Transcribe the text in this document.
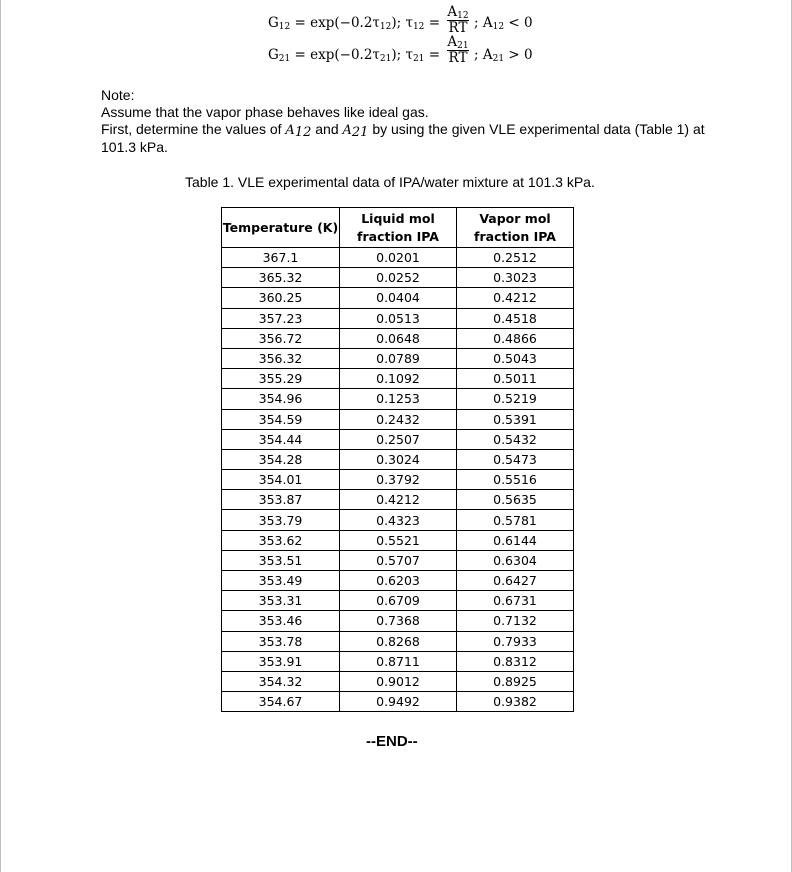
$G_{12} = \exp(-0.2\tau_{12})$; $\tau_{12}$ =
$A_{12}$
RT ; $A_{12} < 0$
$G_{21} = \exp(-0.2\tau_{21})$; $\tau_{21}$ =
$A_{21}$
RT ; $A_{21} > 0$

Note:

Assume that the vapor phase behaves like ideal gas.

First, determine the values of $A_{12}$ and $A_{21}$ by using the given VLE experimental data (Table 1) at 101.3 kPa.

Table 1. VLE experimental data of IPA/water mixture at 101.3 kPa.
Temperature (K)	Liquid mol fraction IPA	Vapor mol fraction IPA
367.1	0.0201	0.2512
365.32	0.0252	0.3023
360.25	0.0404	0.4212
357.23	0.0513	0.4518
356.72	0.0648	0.4866
356.32	0.0789	0.5043
355.29	0.1092	0.5011
354.96	0.1253	0.5219
354.59	0.2432	0.5391
354.44	0.2507	0.5432
354.28	0.3024	0.5473
354.01	0.3792	0.5516
353.87	0.4212	0.5635
353.79	0.4323	0.5781
353.62	0.5521	0.6144
353.51	0.5707	0.6304
353.49	0.6203	0.6427
353.31	0.6709	0.6731
353.46	0.7368	0.7132
353.78	0.8268	0.7933
353.91	0.8711	0.8312
354.32	0.9012	0.8925
354.67	0.9492	0.9382
--END--
